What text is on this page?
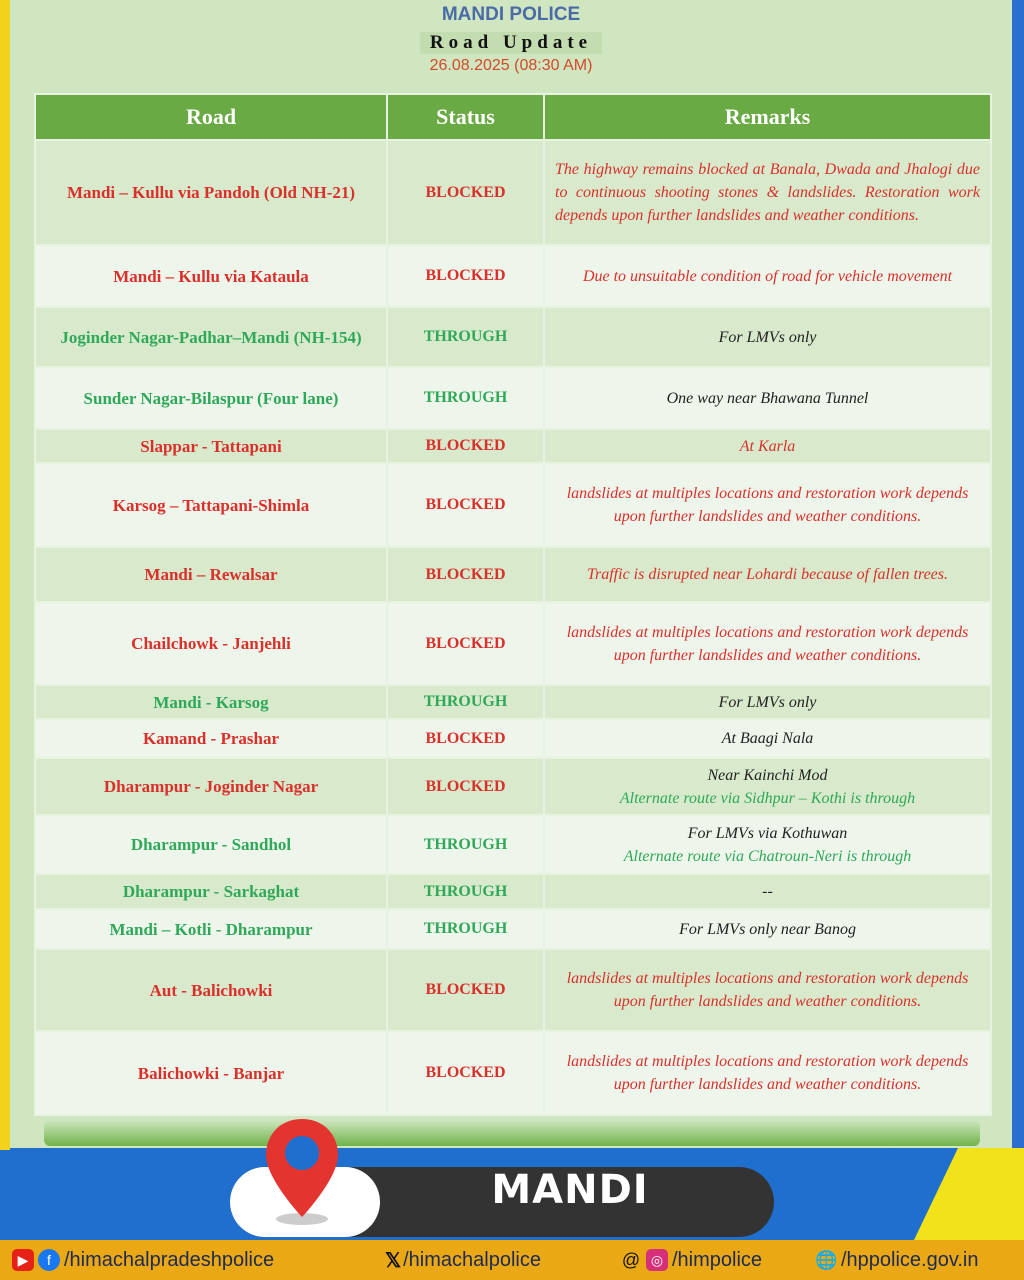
MANDI POLICE
Road Update
26.08.2025 (08:30 AM)
Road	Status	Remarks
Mandi – Kullu via Pandoh (Old NH-21)	BLOCKED	The highway remains blocked at Banala, Dwada and Jhalogi due to continuous shooting stones & landslides. Restoration work depends upon further landslides and weather conditions.

Mandi – Kullu via Kataula	BLOCKED	Due to unsuitable condition of road for vehicle movement

Joginder Nagar-Padhar–Mandi (NH-154)	THROUGH	For LMVs only

Sunder Nagar-Bilaspur (Four lane)	THROUGH	One way near Bhawana Tunnel

Slappar - Tattapani	BLOCKED	At Karla

Karsog – Tattapani-Shimla	BLOCKED	landslides at multiples locations and restoration work depends upon further landslides and weather conditions.

Mandi – Rewalsar	BLOCKED	Traffic is disrupted near Lohardi because of fallen trees.

Chailchowk - Janjehli	BLOCKED	landslides at multiples locations and restoration work depends upon further landslides and weather conditions.

Mandi - Karsog	THROUGH	For LMVs only

Kamand - Prashar	BLOCKED	At Baagi Nala

Dharampur - Joginder Nagar	BLOCKED	Near Kainchi Mod
Alternate route via Sidhpur – Kothi is through

Dharampur - Sandhol	THROUGH	For LMVs via Kothuwan
Alternate route via Chatroun-Neri is through

Dharampur - Sarkaghat	THROUGH	--

Mandi – Kotli - Dharampur	THROUGH	For LMVs only near Banog

Aut - Balichowki	BLOCKED	landslides at multiples locations and restoration work depends upon further landslides and weather conditions.

Balichowki - Banjar	BLOCKED	landslides at multiples locations and restoration work depends upon further landslides and weather conditions.
MANDI
▶	f /himachalpradeshpolice	𝕏 /himachalpolice	@ ◎ /himpolice	🌐 /hppolice.gov.in
